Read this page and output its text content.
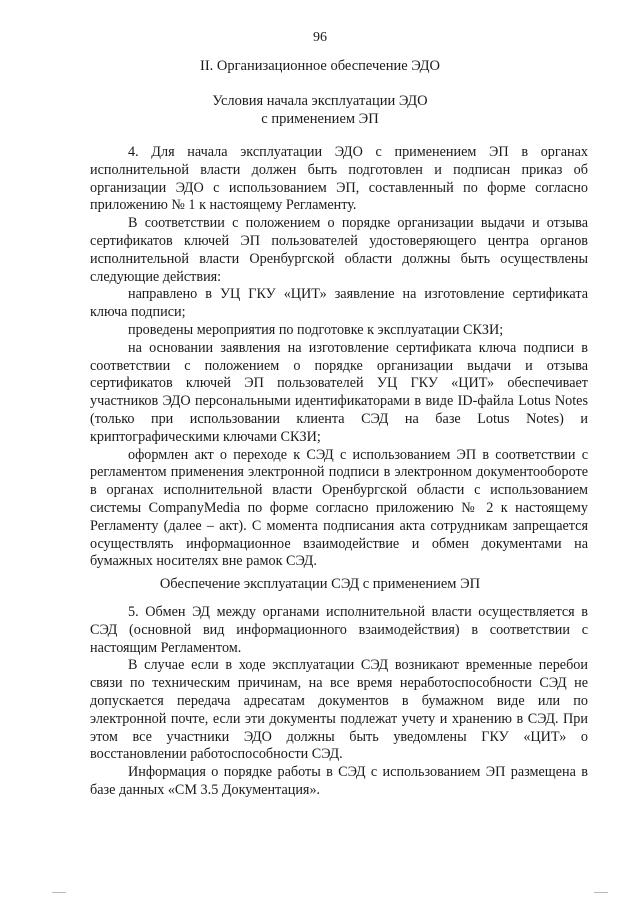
96
II. Организационное обеспечение ЭДО
Условия начала эксплуатации ЭДО
с применением ЭП

4. Для начала эксплуатации ЭДО с применением ЭП в органах исполнительной власти должен быть подготовлен и подписан приказ об организации ЭДО с использованием ЭП, составленный по форме согласно приложению № 1 к настоящему Регламенту.

В соответствии с положением о порядке организации выдачи и отзыва сертификатов ключей ЭП пользователей удостоверяющего центра органов исполнительной власти Оренбургской области должны быть осуществлены следующие действия:

направлено в УЦ ГКУ «ЦИТ» заявление на изготовление сертификата ключа подписи;

проведены мероприятия по подготовке к эксплуатации СКЗИ;

на основании заявления на изготовление сертификата ключа подписи в соответствии с положением о порядке организации выдачи и отзыва сертификатов ключей ЭП пользователей УЦ ГКУ «ЦИТ» обеспечивает участников ЭДО персональными идентификаторами в виде ID-файла Lotus Notes (только при использовании клиента СЭД на базе Lotus Notes) и криптографическими ключами СКЗИ;

оформлен акт о переходе к СЭД с использованием ЭП в соответствии с регламентом применения электронной подписи в электронном документообороте в органах исполнительной власти Оренбургской области с использованием системы CompanyMedia по форме согласно приложению № 2 к настоящему Регламенту (далее – акт). С момента подписания акта сотрудникам запрещается осуществлять информационное взаимодействие и обмен документами на бумажных носителях вне рамок СЭД.

Обеспечение эксплуатации СЭД с применением ЭП

5. Обмен ЭД между органами исполнительной власти осуществляется в СЭД (основной вид информационного взаимодействия) в соответствии с настоящим Регламентом.

В случае если в ходе эксплуатации СЭД возникают временные перебои связи по техническим причинам, на все время неработоспособности СЭД не допускается передача адресатам документов в бумажном виде или по электронной почте, если эти документы подлежат учету и хранению в СЭД. При этом все участники ЭДО должны быть уведомлены ГКУ «ЦИТ» о восстановлении работоспособности СЭД.

Информация о порядке работы в СЭД с использованием ЭП размещена в базе данных «СМ 3.5 Документация».
